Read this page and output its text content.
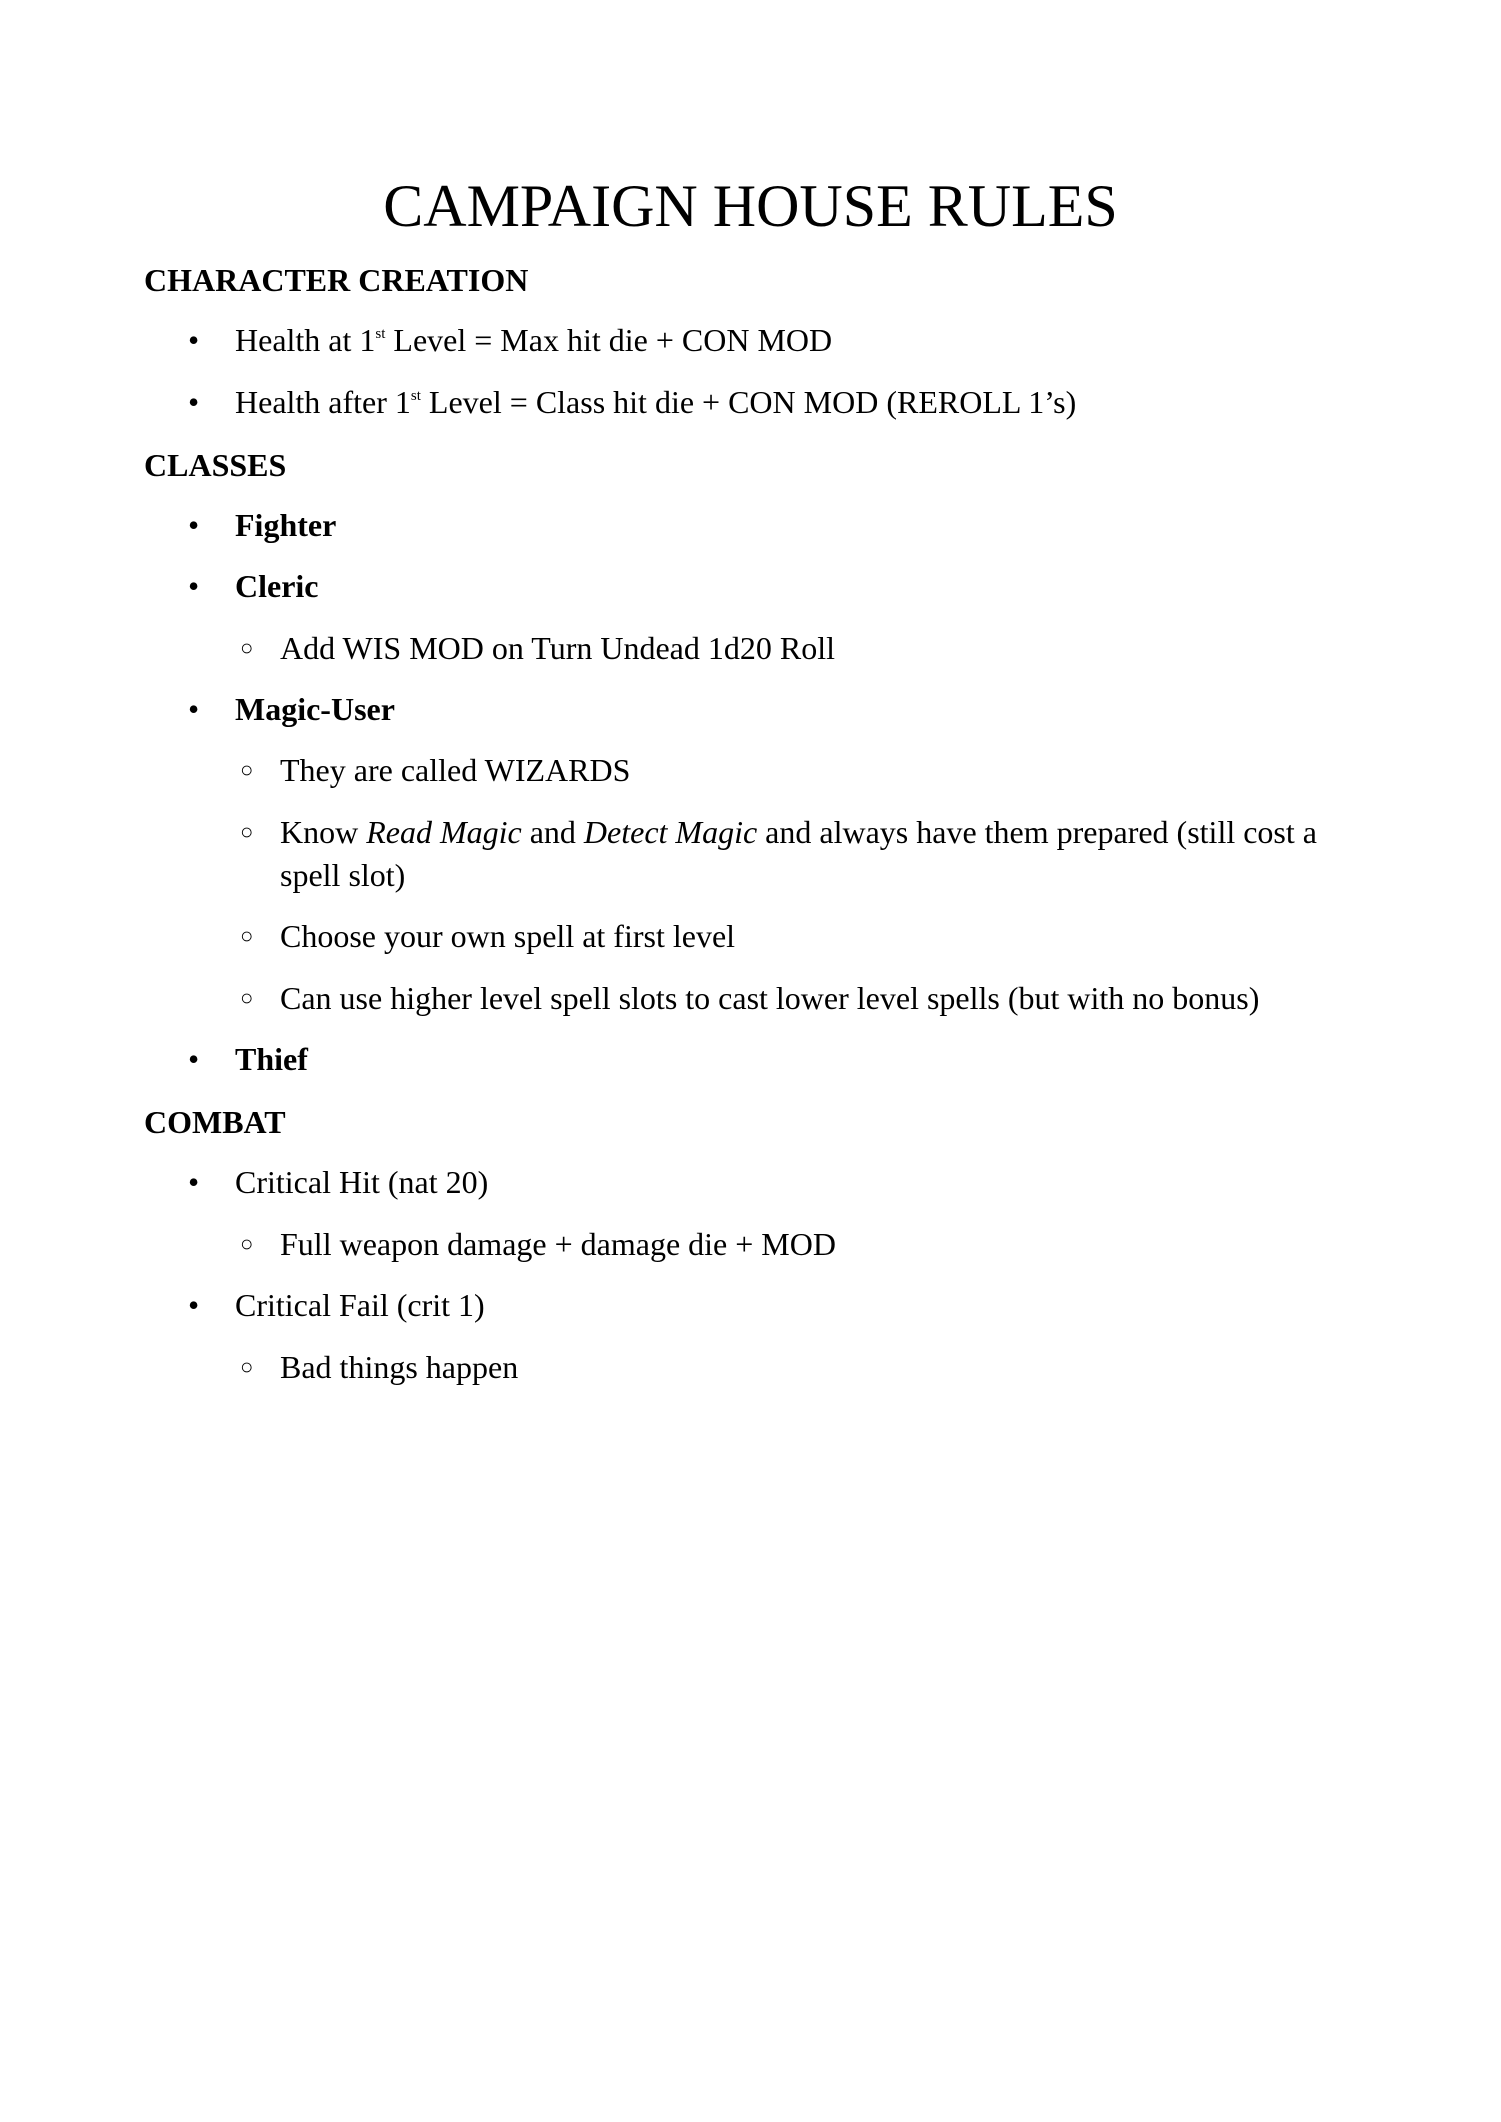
CAMPAIGN HOUSE RULES
CHARACTER CREATION
• Health at 1st Level = Max hit die + CON MOD
• Health after 1st Level = Class hit die + CON MOD (REROLL 1’s)
CLASSES
• Fighter
• Cleric
○ Add WIS MOD on Turn Undead 1d20 Roll
• Magic-User
○ They are called WIZARDS
○ Know Read Magic and Detect Magic and always have them prepared (still cost a
spell slot)
○ Choose your own spell at first level
○ Can use higher level spell slots to cast lower level spells (but with no bonus)
• Thief
COMBAT
• Critical Hit (nat 20)
○ Full weapon damage + damage die + MOD
• Critical Fail (crit 1)
○ Bad things happen
